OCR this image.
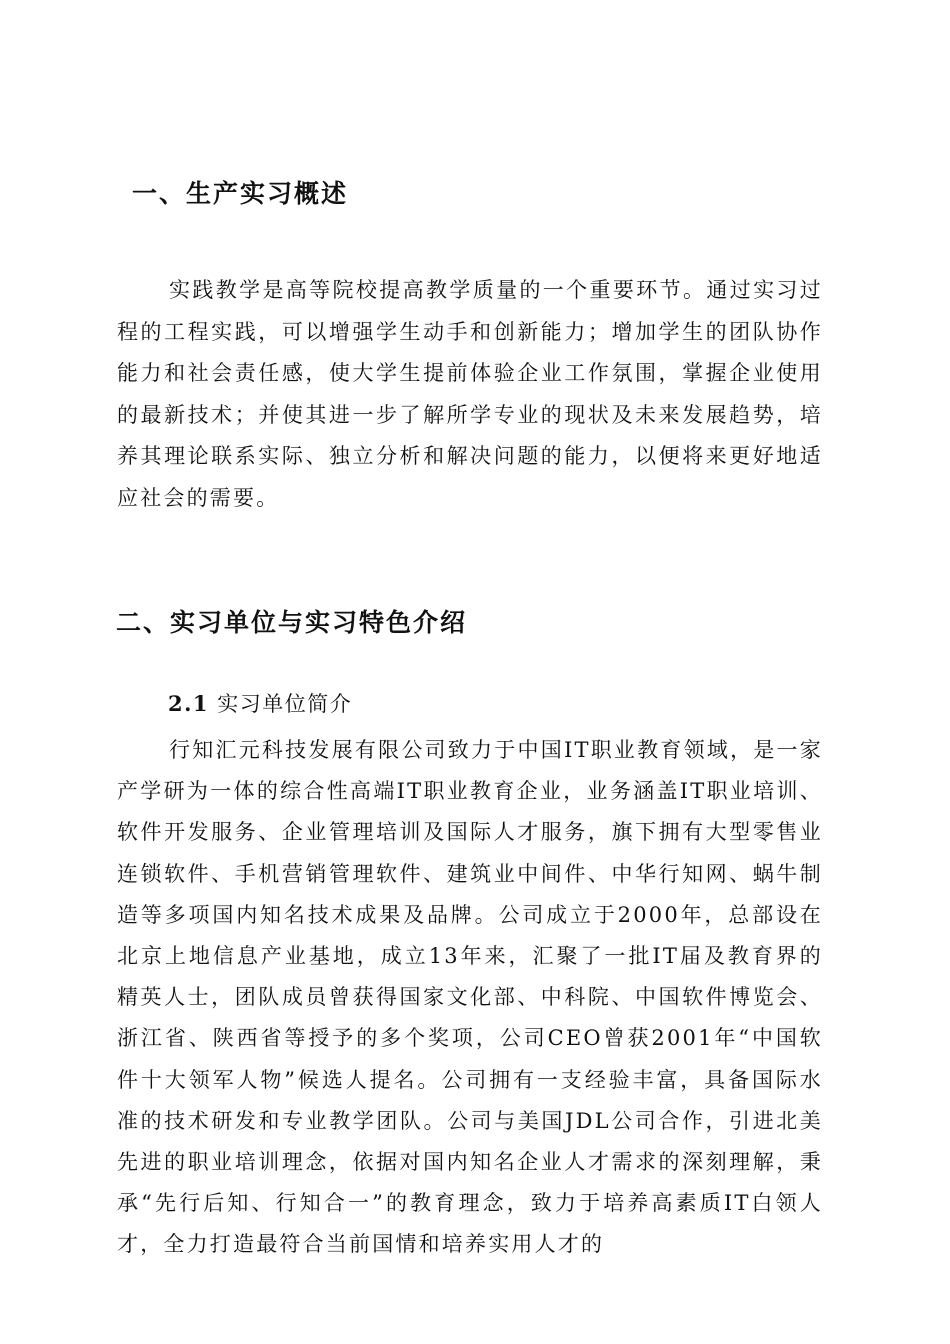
一、生产实习概述

实践教学是高等院校提高教学质量的一个重要环节。通过实习过程的工程实践，可以增强学生动手和创新能力；增加学生的团队协作能力和社会责任感，使大学生提前体验企业工作氛围，掌握企业使用的最新技术；并使其进一步了解所学专业的现状及未来发展趋势，培养其理论联系实际、独立分析和解决问题的能力，以便将来更好地适应社会的需要。

二、实习单位与实习特色介绍
2.1 实习单位简介

行知汇元科技发展有限公司致力于中国IT职业教育领域，是一家产学研为一体的综合性高端IT职业教育企业，业务涵盖IT职业培训、软件开发服务、企业管理培训及国际人才服务，旗下拥有大型零售业连锁软件、手机营销管理软件、建筑业中间件、中华行知网、蜗牛制造等多项国内知名技术成果及品牌。公司成立于2000年，总部设在北京上地信息产业基地，成立13年来，汇聚了一批IT届及教育界的精英人士，团队成员曾获得国家文化部、中科院、中国软件博览会、浙江省、陕西省等授予的多个奖项，公司CEO曾获2001年“中国软件十大领军人物”候选人提名。公司拥有一支经验丰富，具备国际水准的技术研发和专业教学团队。公司与美国JDL公司合作，引进北美先进的职业培训理念，依据对国内知名企业人才需求的深刻理解，秉承“先行后知、行知合一”的教育理念，致力于培养高素质IT白领人才，全力打造最符合当前国情和培养实用人才的
